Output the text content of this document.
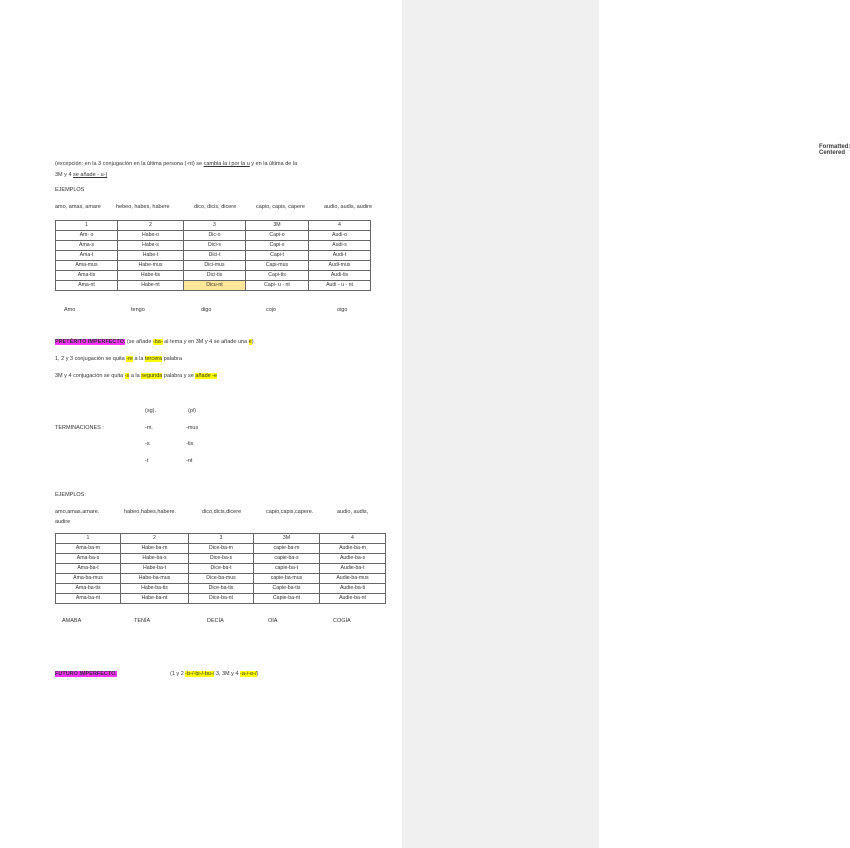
Formatted: Centered
(excepción: en la 3 conjugación en la última persona (-nt) se cambia la i por la u y en la última de la
3M y 4 se añade - u-)
EJEMPLOS
amo, amas, amare	hebeo, habes, habere	dico, dicis, dicere	capio, capis, capere	audio, audis, audire
1	2	3	3M	4
Am- o	Habe-o	Dic-o	Capi-o	Audi-o
Ama-s	Habe-s	Dici-s	Capi-s	Audi-s
Ama-t	Habe-t	Dici-t	Capi-t	Audi-t
Ama-mus	Habe-mus	Dici-mus	Capi-mus	Audi-mus
Ama-tis	Habe-tis	Dici-tis	Capi-tis	Audi-tis
Ama-nt	Habe-nt	Dicu-nt	Capi- u - nt	Audi - u - nt
Amo	tengo	digo	cojo	oigo
PRETÉRITO IMPERFECTO. (se añade -ba- al tema y en 3M y 4 se añade una e)
1, 2 y 3 conjugación se quita -re a la tercera palabra
3M y 4 conjugación se quita -s a la segunda palabra y se añade -e
(sg).	(pl)
TERMINACIONES :	-m.	-mus
-s	-tis
-t	-nt
EJEMPLOS:
amo,amas,amare.	habeo,habes,habere.	dico,dicis,dicere	capio,capis,capere.	audio, audis,
audire
1	2	3	3M	4
Ama-ba-m	Habe-ba-m	Dice-ba-m	capie-ba-m	Audie-ba-m
Ama-ba-s	Habe-ba-s	Dice-ba-s	capie-ba-s	Audie-ba-s
Ama-ba-t	Habe-ba-t	Dice-ba-t	capie-ba-t	Audie-ba-t
Ama-ba-mus	Habe-ba-mus	Dice-ba-mus	capie-ba-mus	Audie-ba-mus
Ama-ba-tis	Habe-ba-tis	Dice-ba-tis	Capie-ba-tis	Audie-ba-ti
Ama-ba-nt	Habe-ba-nt	Dice-ba-nt	Capie-ba-nt	Audie-ba-nt
AMABA	TENÍA	DECÍA	OÍA	COGÍA
FUTURO IMPERFECTO.	(1 y 2 -b-/-bi-/-bu-/ 3, 3M y 4 -a-/-e-/)
